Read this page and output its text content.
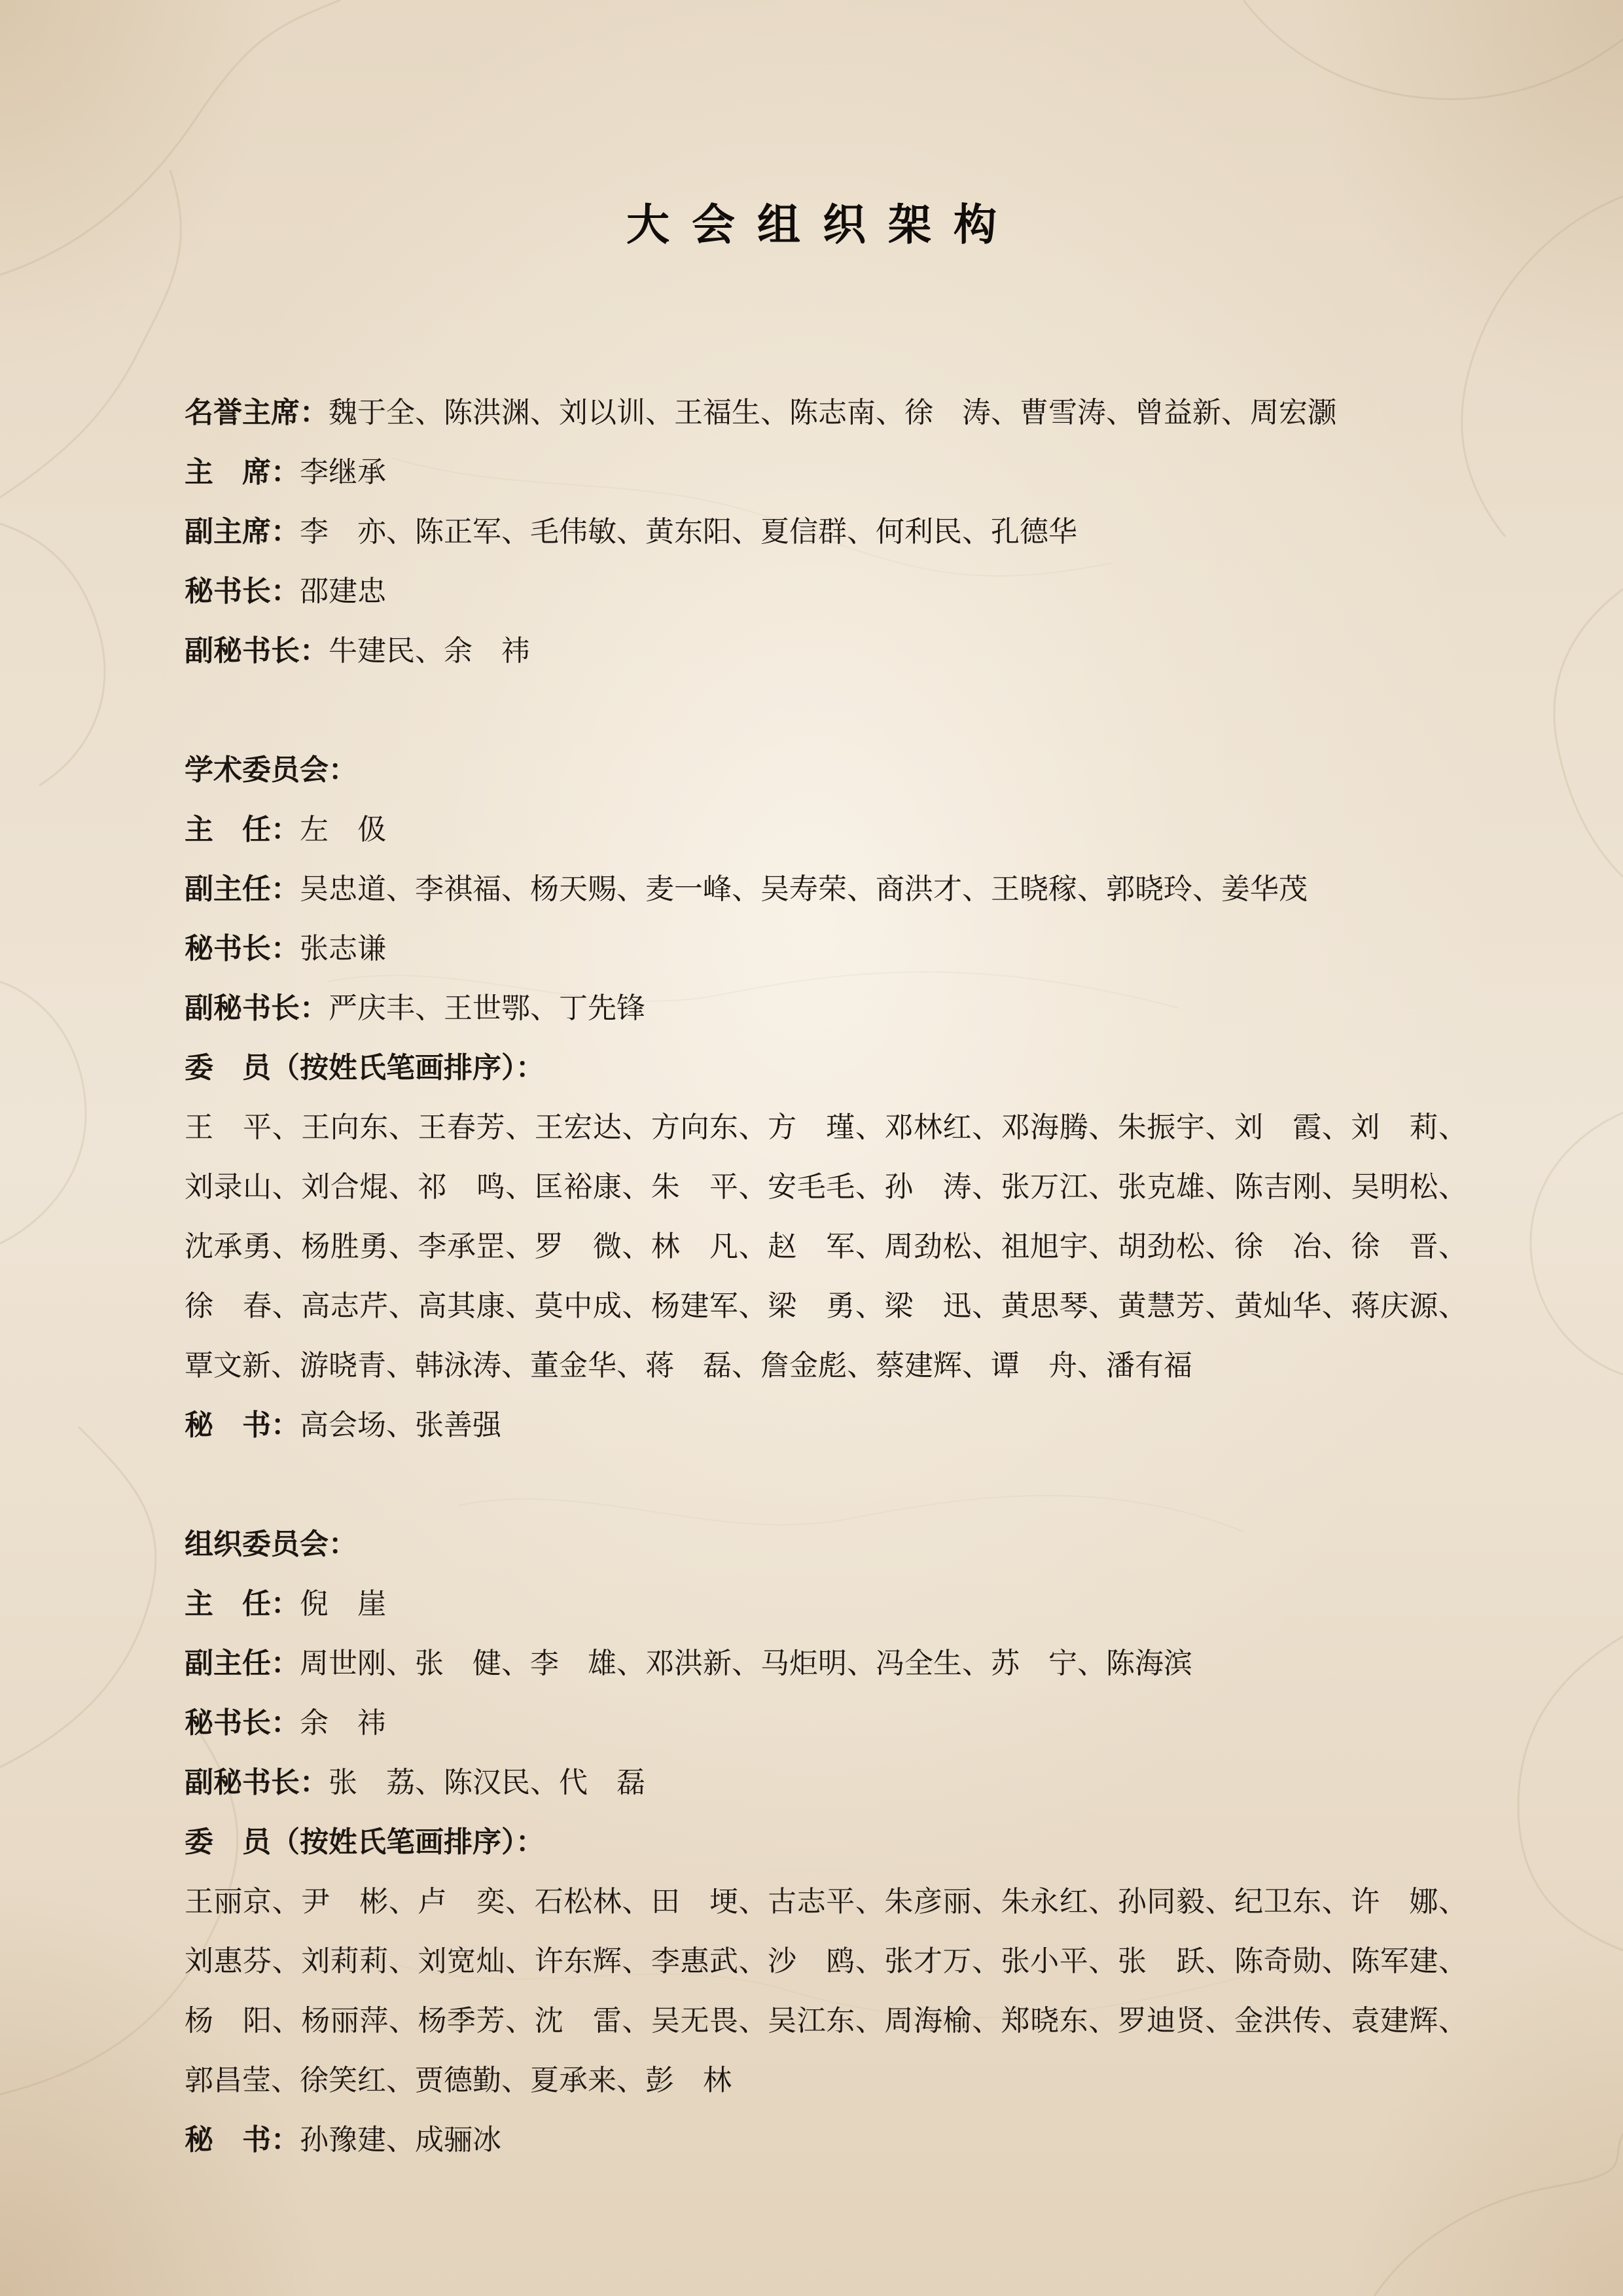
大会组织架构
名誉主席：魏于全、陈洪渊、刘以训、王福生、陈志南、徐　涛、曹雪涛、曾益新、周宏灏
主　席：李继承
副主席：李　亦、陈正军、毛伟敏、黄东阳、夏信群、何利民、孔德华
秘书长：邵建忠
副秘书长：牛建民、余　祎
学术委员会：
主　任：左　伋
副主任：吴忠道、李祺福、杨天赐、麦一峰、吴寿荣、商洪才、王晓稼、郭晓玲、姜华茂
秘书长：张志谦
副秘书长：严庆丰、王世鄂、丁先锋
委　员（按姓氏笔画排序）：
王　平、王向东、王春芳、王宏达、方向东、方　瑾、邓林红、邓海腾、朱振宇、刘　霞、刘　莉、
刘录山、刘合焜、祁　鸣、匡裕康、朱　平、安毛毛、孙　涛、张万江、张克雄、陈吉刚、吴明松、
沈承勇、杨胜勇、李承罡、罗　微、林　凡、赵　军、周劲松、祖旭宇、胡劲松、徐　冶、徐　晋、
徐　春、高志芹、高其康、莫中成、杨建军、梁　勇、梁　迅、黄思琴、黄慧芳、黄灿华、蒋庆源、
覃文新、游晓青、韩泳涛、董金华、蒋　磊、詹金彪、蔡建辉、谭　舟、潘有福
秘　书：高会场、张善强
组织委员会：
主　任：倪　崖
副主任：周世刚、张　健、李　雄、邓洪新、马炬明、冯全生、苏　宁、陈海滨
秘书长：余　祎
副秘书长：张　荔、陈汉民、代　磊
委　员（按姓氏笔画排序）：
王丽京、尹　彬、卢　奕、石松林、田　埂、古志平、朱彦丽、朱永红、孙同毅、纪卫东、许　娜、
刘惠芬、刘莉莉、刘宽灿、许东辉、李惠武、沙　鸥、张才万、张小平、张　跃、陈奇勋、陈军建、
杨　阳、杨丽萍、杨季芳、沈　雷、吴无畏、吴江东、周海榆、郑晓东、罗迪贤、金洪传、袁建辉、
郭昌莹、徐笑红、贾德勤、夏承来、彭　林
秘　书：孙豫建、成骊冰
